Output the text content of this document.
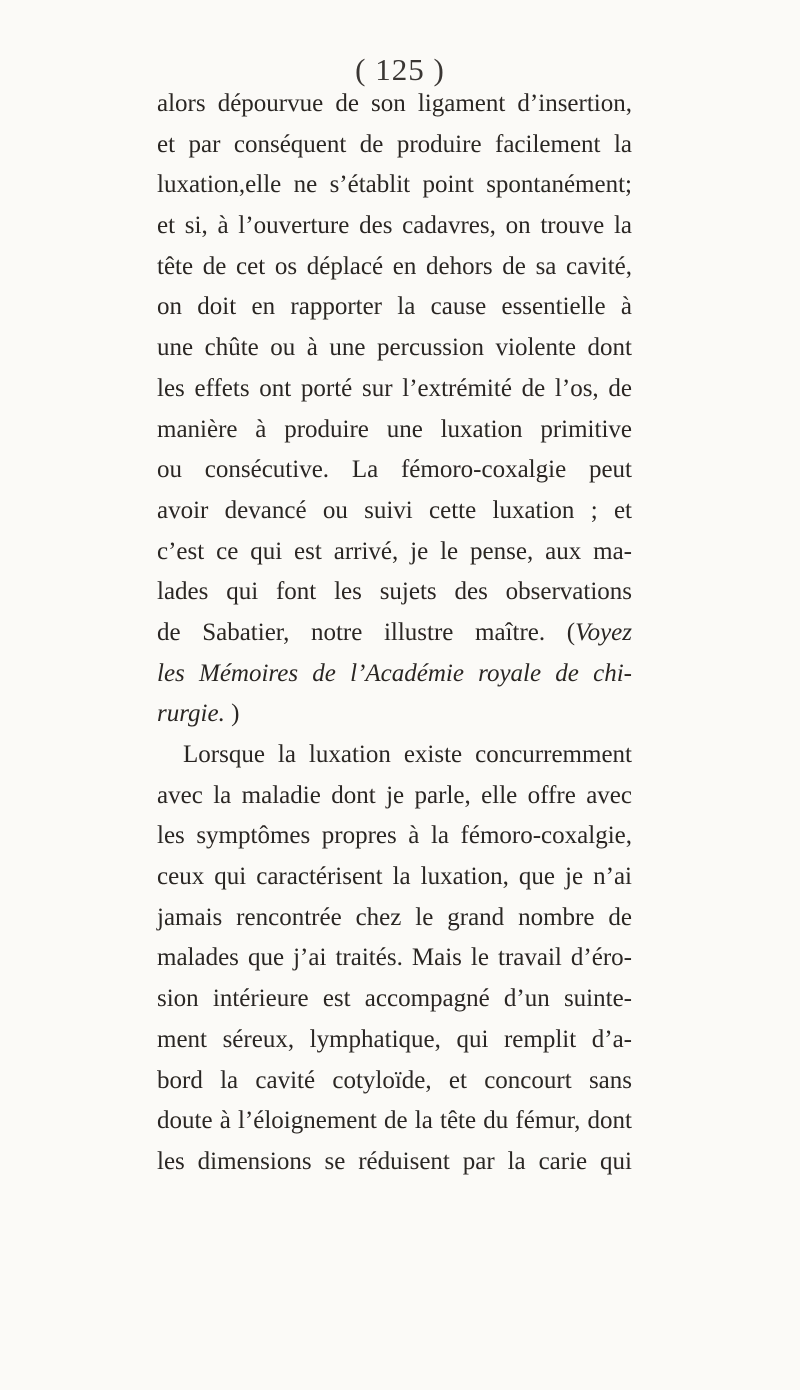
( 125 )
alors dépourvue de son ligament d’insertion,
et par conséquent de produire facilement la
luxation,elle ne s’établit point spontanément;
et si, à l’ouverture des cadavres, on trouve la
tête de cet os déplacé en dehors de sa cavité,
on doit en rapporter la cause essentielle à
une chûte ou à une percussion violente dont
les effets ont porté sur l’extrémité de l’os, de
manière à produire une luxation primitive
ou consécutive. La fémoro-coxalgie peut
avoir devancé ou suivi cette luxation ; et
c’est ce qui est arrivé, je le pense, aux ma-
lades qui font les sujets des observations
de Sabatier, notre illustre maître. (Voyez
les Mémoires de l’Académie royale de chi-
rurgie. )
Lorsque la luxation existe concurremment
avec la maladie dont je parle, elle offre avec
les symptômes propres à la fémoro-coxalgie,
ceux qui caractérisent la luxation, que je n’ai
jamais rencontrée chez le grand nombre de
malades que j’ai traités. Mais le travail d’éro-
sion intérieure est accompagné d’un suinte-
ment séreux, lymphatique, qui remplit d’a-
bord la cavité cotyloïde, et concourt sans
doute à l’éloignement de la tête du fémur, dont
les dimensions se réduisent par la carie qui
